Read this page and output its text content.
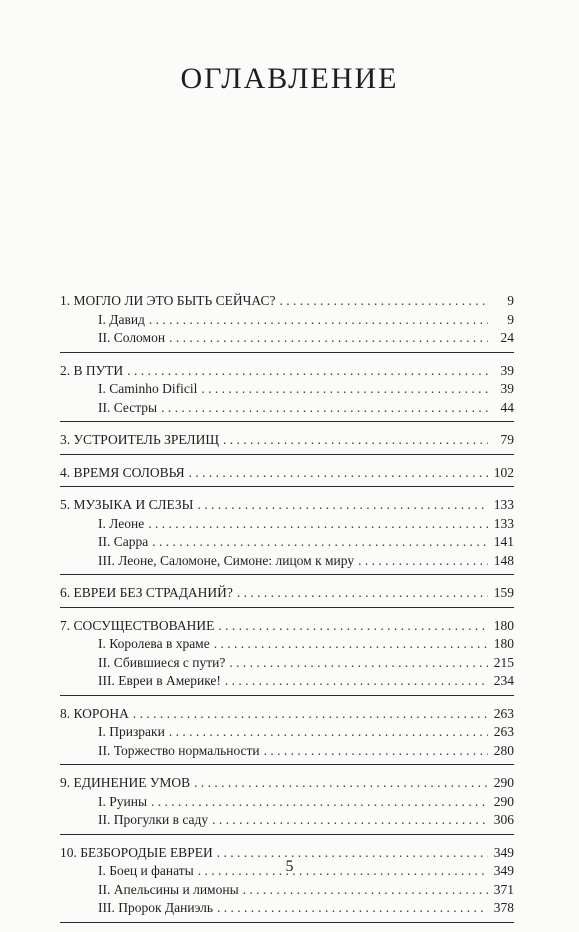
ОГЛАВЛЕНИЕ
1. МОГЛО ЛИ ЭТО БЫТЬ СЕЙЧАС? . . .	9
I. Давид . . .	9
II. Соломон . . .	24
2. В ПУТИ . . .	39
I. Caminho Dificil . . .	39
II. Сестры . . .	44
3. УСТРОИТЕЛЬ ЗРЕЛИЩ . . .	79
4. ВРЕМЯ СОЛОВЬЯ . . .	102
5. МУЗЫКА И СЛЕЗЫ . . .	133
I. Леоне . . .	133
II. Сарра . . .	141
III. Леоне, Саломоне, Симоне: лицом к миру . . .	148
6. ЕВРЕИ БЕЗ СТРАДАНИЙ? . . .	159
7. СОСУЩЕСТВОВАНИЕ . . .	180
I. Королева в храме . . .	180
II. Сбившиеся с пути? . . .	215
III. Евреи в Америке! . . .	234
8. КОРОНА . . .	263
I. Призраки . . .	263
II. Торжество нормальности . . .	280
9. ЕДИНЕНИЕ УМОВ . . .	290
I. Руины . . .	290
II. Прогулки в саду . . .	306
10. БЕЗБОРОДЫЕ ЕВРЕИ . . .	349
I. Боец и фанаты . . .	349
II. Апельсины и лимоны . . .	371
III. Пророк Даниэль . . .	378
5
